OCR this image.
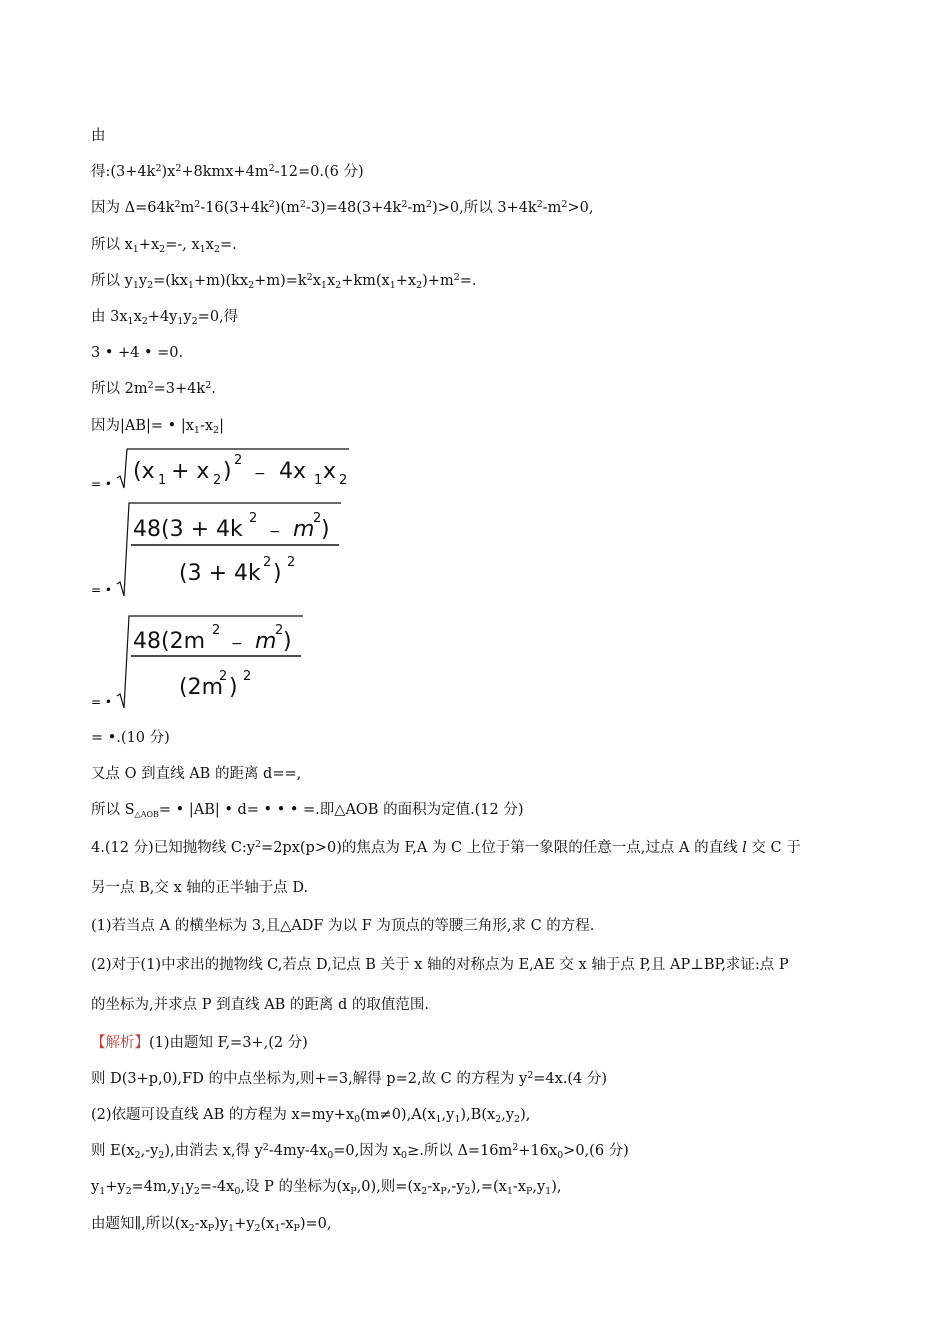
由
得$:(3+4k^2)x^2+8kmx+4m^2-12=0.(6$ 分)
因为 $\Delta=64k^2m^2-16(3+4k^2)(m^2-3)=48(3+4k^2-m^2)>0$,所以 $3+4k^2-m^2>0$,
所以 $x_1+x_2=-$, $x_1x_2=$.
所以 $y_1y_2=(kx_1+m)(kx_2+m)=k^2x_1x_2+km(x_1+x_2)+m^2=$.
由 $3x_1x_2+4y_1y_2=0$,得
3 • +4 • =0.
所以 $2m^2=3+4k^2$.
因为|AB|= • $|x_1-x_2|$
= • (x 1 + x 2 ) 2
− 4x 1 x 2
= •
48(3 + 4k 2
− m
2 )
(3 + 4k 2 ) 2
= •
48(2m 2
− m
2 )
(2m
2 ) 2
= •.(10 分)
又点 O 到直线 AB 的距离 d==,
所以 $S_{\triangle AOB}=$ • |AB| • d= • • • =.即△AOB 的面积为定值.(12 分)
4.(12 分)已知抛物线 $C:y^2=2px(p>0)$的焦点为 F,A 为 C 上位于第一象限的任意一点,过点 A 的直线 l 交 C 于
另一点 B,交 x 轴的正半轴于点 D.
(1)若当点 A 的横坐标为 3,且△ADF 为以 F 为顶点的等腰三角形,求 C 的方程.
(2)对于(1)中求出的抛物线 C,若点 D,记点 B 关于 x 轴的对称点为 E,AE 交 x 轴于点 P,且 AP⊥BP,求证:点 P
的坐标为,并求点 P 到直线 AB 的距离 d 的取值范围.
【解析】(1)由题知 F,=3+,(2 分)
则 D(3+p,0),FD 的中点坐标为,则+=3,解得 p=2,故 C 的方程为 $y^2=4x.(4$ 分)
(2)依题可设直线 AB 的方程为 $x=my+x_0(m\ne 0),A(x_1,y_1),B(x_2,y_2)$,
则 $E(x_2,-y_2)$,由消去 x,得 $y^2-4my-4x_0=0$,因为 $x_0\ge$.所以 $\Delta=16m^2+16x_0>0,(6$ 分)
$y_1+y_2=4m,y_1y_2=-4x_0$,设 P 的坐标为$(x_P,0)$,则$=(x_2-x_P,-y_2),=(x_1-x_P,y_1)$,
由题知∥,所以$(x_2-x_P)y_1+y_2(x_1-x_P)=0$,
